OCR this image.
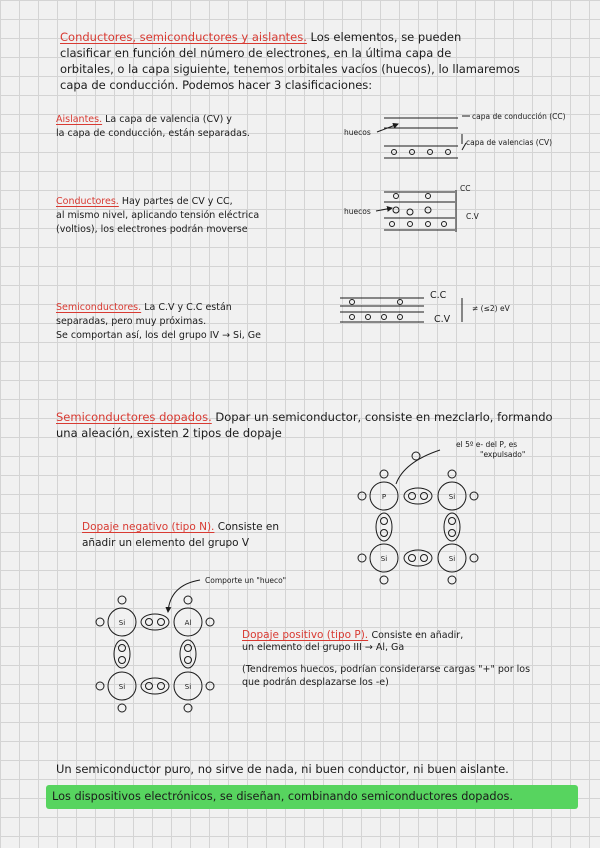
Conductores, semiconductores y aislantes. Los elementos, se pueden
clasificar en función del número de electrones, en la última capa de
orbitales, o la capa siguiente, tenemos orbitales vacíos (huecos), lo llamaremos
capa de conducción. Podemos hacer 3 clasificaciones:
Aislantes. La capa de valencia (CV) y
la capa de conducción, están separadas.	huecos
capa de conducción (CC)
capa de valencias (CV)
Conductores. Hay partes de CV y CC,
al mismo nivel, aplicando tensión eléctrica
(voltios), los electrones podrán moverse
huecos
CC
C.V
Semiconductores. La C.V y C.C están
separadas, pero muy próximas.
Se comportan así, los del grupo IV → Si, Ge
C.C
C.V
≠ (≤2) eV
Semiconductores dopados. Dopar un semiconductor, consiste en mezclarlo, formando
una aleación, existen 2 tipos de dopaje
el 5º e- del P, es
"expulsado"
Dopaje negativo (tipo N). Consiste en
añadir un elemento del grupo V
Comporte un "hueco"
Dopaje positivo (tipo P). Consiste en añadir,
un elemento del grupo III → Al, Ga
(Tendremos huecos, podrían considerarse cargas "+" por los
que podrán desplazarse los -e)
Un semiconductor puro, no sirve de nada, ni buen conductor, ni buen aislante.
Los dispositivos electrónicos, se diseñan, combinando semiconductores dopados.
P	Si
Si	Si
Si	Al
Si	Si
